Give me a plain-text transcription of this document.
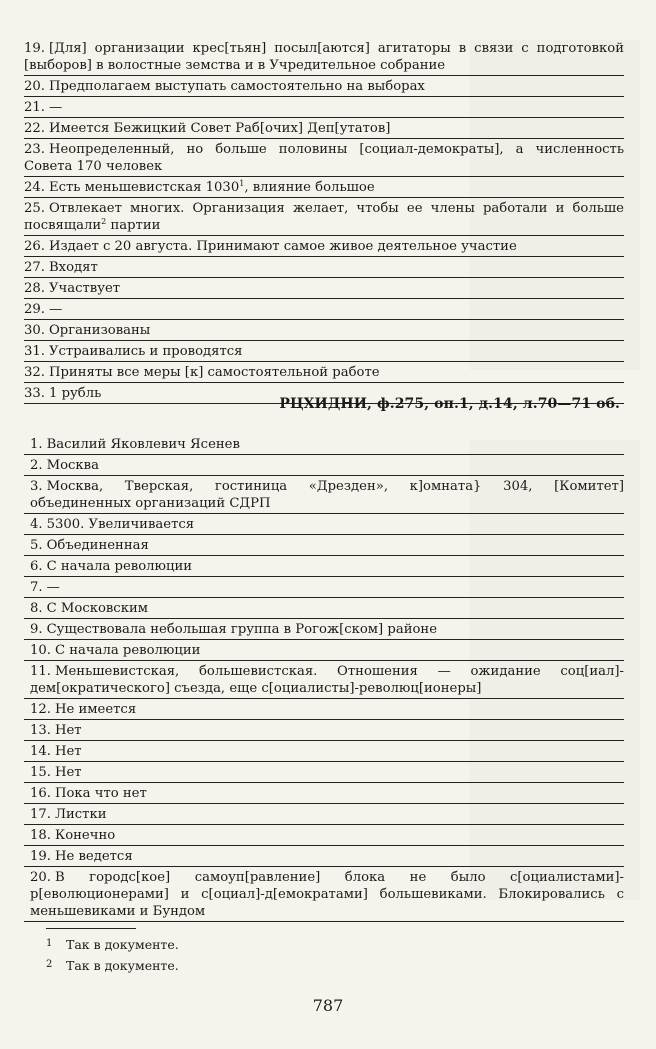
19. [Для] организации крес[тьян] посыл[аются] агитаторы в связи с подготовкой [выборов] в волостные земства и в Учредительное собрание
20. Предполагаем выступать самостоятельно на выборах
21. —
22. Имеется Бежицкий Совет Раб[очих] Деп[утатов]
23. Неопределенный, но больше половины [социал-демократы], а численность Совета 170 человек
24. Есть меньшевистская 1030$^1$, влияние большое
25. Отвлекает многих. Организация желает, чтобы ее члены работали и больше посвящали$^2$ партии
26. Издает с 20 августа. Принимают самое живое деятельное участие
27. Входят
28. Участвует
29. —
30. Организованы
31. Устраивались и проводятся
32. Приняты все меры [к] самостоятельной работе
33. 1 рубль
РЦХИДНИ, ф.275, оп.1, д.14, л.70—71 об.
1. Василий Яковлевич Ясенев
2. Москва
3. Москва, Тверская, гостиница «Дрезден», к]омната} 304, [Комитет] объединенных организаций СДРП
4. 5300. Увеличивается
5. Объединенная
6. С начала революции
7. —
8. С Московским
9. Существовала небольшая группа в Рогож[ском] районе
10. С начала революции
11. Меньшевистская, большевистская. Отношения — ожидание соц[иал]-дем[ократического] съезда, еще с[оциалисты]-революц[ионеры]
12. Не имеется
13. Нет
14. Нет
15. Нет
16. Пока что нет
17. Листки
18. Конечно
19. Не ведется
20. В городс[кое] самоуп[равление] блока не было с[оциалистами]-р[еволюционерами] и с[оциал]-д[емократами] большевиками. Блокировались с меньшевиками и Бундом
1 Так в документе.
2 Так в документе.
787
